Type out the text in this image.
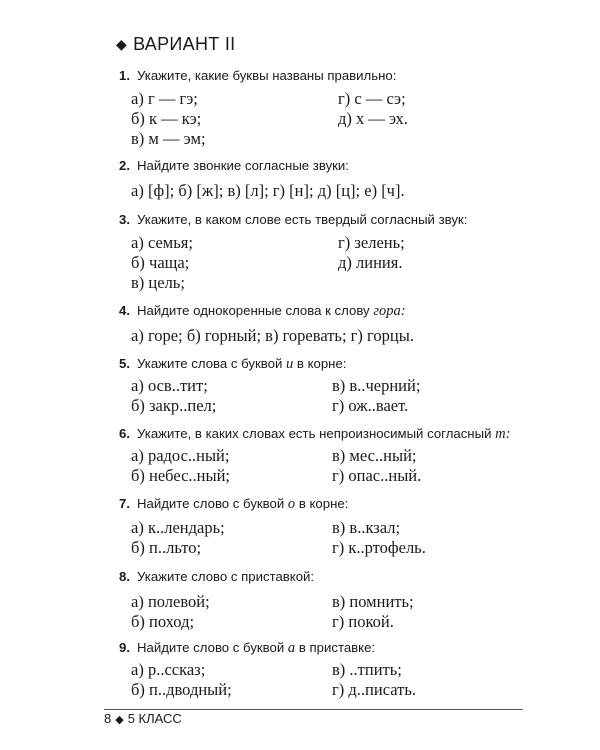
◆ ВАРИАНТ II
1. Укажите, какие буквы названы правильно:
а) г — гэ;	г) с — сэ;
б) к — кэ;	д) х — эх.
в) м — эм;
2. Найдите звонкие согласные звуки:
а) [ф]; б) [ж]; в) [л]; г) [н]; д) [ц]; е) [ч].
3. Укажите, в каком слове есть твердый согласный звук:
а) семья;	г) зелень;
б) чаща;	д) линия.
в) цель;
4. Найдите однокоренные слова к слову гора:
а) горе; б) горный; в) горевать; г) горцы.
5. Укажите слова с буквой и в корне:
а) осв..тит;	в) в..черний;
б) закр..пел;	г) ож..вает.
6. Укажите, в каких словах есть непроизносимый согласный т:
а) радос..ный;	в) мес..ный;
б) небес..ный;	г) опас..ный.
7. Найдите слово с буквой о в корне:
а) к..лендарь;	в) в..кзал;
б) п..льто;	г) к..ртофель.
8. Укажите слово с приставкой:
а) полевой;	в) помнить;
б) поход;	г) покой.
9. Найдите слово с буквой а в приставке:
а) р..ссказ;	в) ..тпить;
б) п..дводный;	г) д..писать.
8 ◆ 5 КЛАСС
